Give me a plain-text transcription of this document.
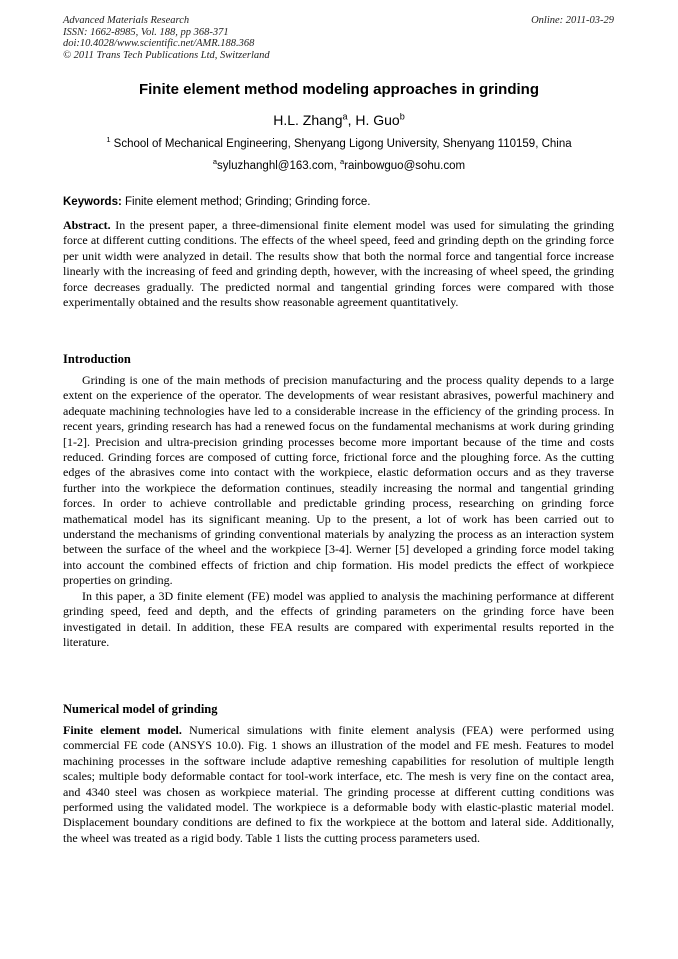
Advanced Materials Research
ISSN: 1662-8985, Vol. 188, pp 368-371
doi:10.4028/www.scientific.net/AMR.188.368
© 2011 Trans Tech Publications Ltd, Switzerland
Online: 2011-03-29
Finite element method modeling approaches in grinding
H.L. Zhang$^a$, H. Guo$^b$
$^1$ School of Mechanical Engineering, Shenyang Ligong University, Shenyang 110159, China
$^a$syluzhanghl@163.com, $^a$rainbowguo@sohu.com
Keywords: Finite element method; Grinding; Grinding force.

Abstract. In the present paper, a three-dimensional finite element model was used for simulating the grinding force at different cutting conditions. The effects of the wheel speed, feed and grinding depth on the grinding force per unit width were analyzed in detail. The results show that both the normal force and tangential force increase linearly with the increasing of feed and grinding depth, however, with the increasing of wheel speed, the grinding force decreases gradually. The predicted normal and tangential grinding forces were compared with those experimentally obtained and the results show reasonable agreement quantitatively.

Introduction

Grinding is one of the main methods of precision manufacturing and the process quality depends to a large extent on the experience of the operator. The developments of wear resistant abrasives, powerful machinery and adequate machining technologies have led to a considerable increase in the efficiency of the grinding process. In recent years, grinding research has had a renewed focus on the fundamental mechanisms at work during grinding [1-2]. Precision and ultra-precision grinding processes become more important because of the time and costs reduced. Grinding forces are composed of cutting force, frictional force and the ploughing force. As the cutting edges of the abrasives come into contact with the workpiece, elastic deformation occurs and as they traverse further into the workpiece the deformation continues, steadily increasing the normal and tangential grinding forces. In order to achieve controllable and predictable grinding process, researching on grinding force mathematical model has its significant meaning. Up to the present, a lot of work has been carried out to understand the mechanisms of grinding conventional materials by analyzing the process as an interaction system between the surface of the wheel and the workpiece [3-4]. Werner [5] developed a grinding force model taking into account the combined effects of friction and chip formation. His model predicts the effect of workpiece properties on grinding.

In this paper, a 3D finite element (FE) model was applied to analysis the machining performance at different grinding speed, feed and depth, and the effects of grinding parameters on the grinding force have been investigated in detail. In addition, these FEA results are compared with experimental results reported in the literature.

Numerical model of grinding

Finite element model. Numerical simulations with finite element analysis (FEA) were performed using commercial FE code (ANSYS 10.0). Fig. 1 shows an illustration of the model and FE mesh. Features to model machining processes in the software include adaptive remeshing capabilities for resolution of multiple length scales; multiple body deformable contact for tool-work interface, etc. The mesh is very fine on the contact area, and 4340 steel was chosen as workpiece material. The grinding processe at different cutting conditions was performed using the validated model. The workpiece is a deformable body with elastic-plastic material model. Displacement boundary conditions are defined to fix the workpiece at the bottom and lateral side. Additionally, the wheel was treated as a rigid body. Table 1 lists the cutting process parameters used.
